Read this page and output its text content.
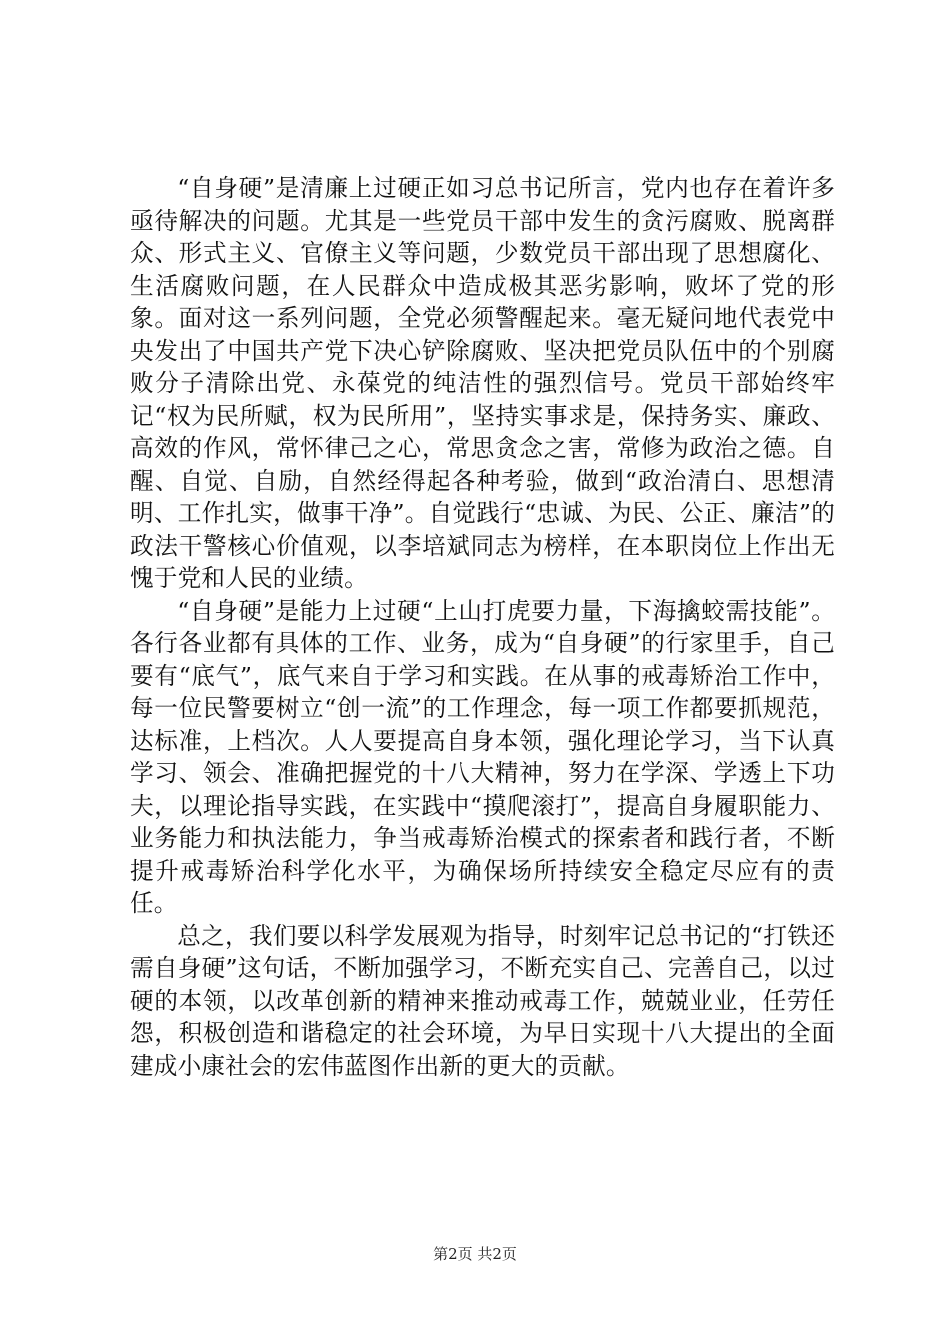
“自身硬”是清廉上过硬正如习总书记所言，党内也存在着许多亟待解决的问题。尤其是一些党员干部中发生的贪污腐败、脱离群众、形式主义、官僚主义等问题，少数党员干部出现了思想腐化、生活腐败问题，在人民群众中造成极其恶劣影响，败坏了党的形象。面对这一系列问题，全党必须警醒起来。毫无疑问地代表党中央发出了中国共产党下决心铲除腐败、坚决把党员队伍中的个别腐败分子清除出党、永葆党的纯洁性的强烈信号。党员干部始终牢记“权为民所赋，权为民所用”，坚持实事求是，保持务实、廉政、高效的作风，常怀律己之心，常思贪念之害，常修为政治之德。自醒、自觉、自励，自然经得起各种考验，做到“政治清白、思想清明、工作扎实，做事干净”。自觉践行“忠诚、为民、公正、廉洁”的政法干警核心价值观，以李培斌同志为榜样，在本职岗位上作出无愧于党和人民的业绩。

“自身硬”是能力上过硬“上山打虎要力量，下海擒蛟需技能”。各行各业都有具体的工作、业务，成为“自身硬”的行家里手，自己要有“底气”，底气来自于学习和实践。在从事的戒毒矫治工作中，每一位民警要树立“创一流”的工作理念，每一项工作都要抓规范，达标准，上档次。人人要提高自身本领，强化理论学习，当下认真学习、领会、准确把握党的十八大精神，努力在学深、学透上下功夫，以理论指导实践，在实践中“摸爬滚打”，提高自身履职能力、业务能力和执法能力，争当戒毒矫治模式的探索者和践行者，不断提升戒毒矫治科学化水平，为确保场所持续安全稳定尽应有的责任。

总之，我们要以科学发展观为指导，时刻牢记总书记的“打铁还需自身硬”这句话，不断加强学习，不断充实自己、完善自己，以过硬的本领，以改革创新的精神来推动戒毒工作，兢兢业业，任劳任怨，积极创造和谐稳定的社会环境，为早日实现十八大提出的全面建成小康社会的宏伟蓝图作出新的更大的贡献。

第2页 共2页
